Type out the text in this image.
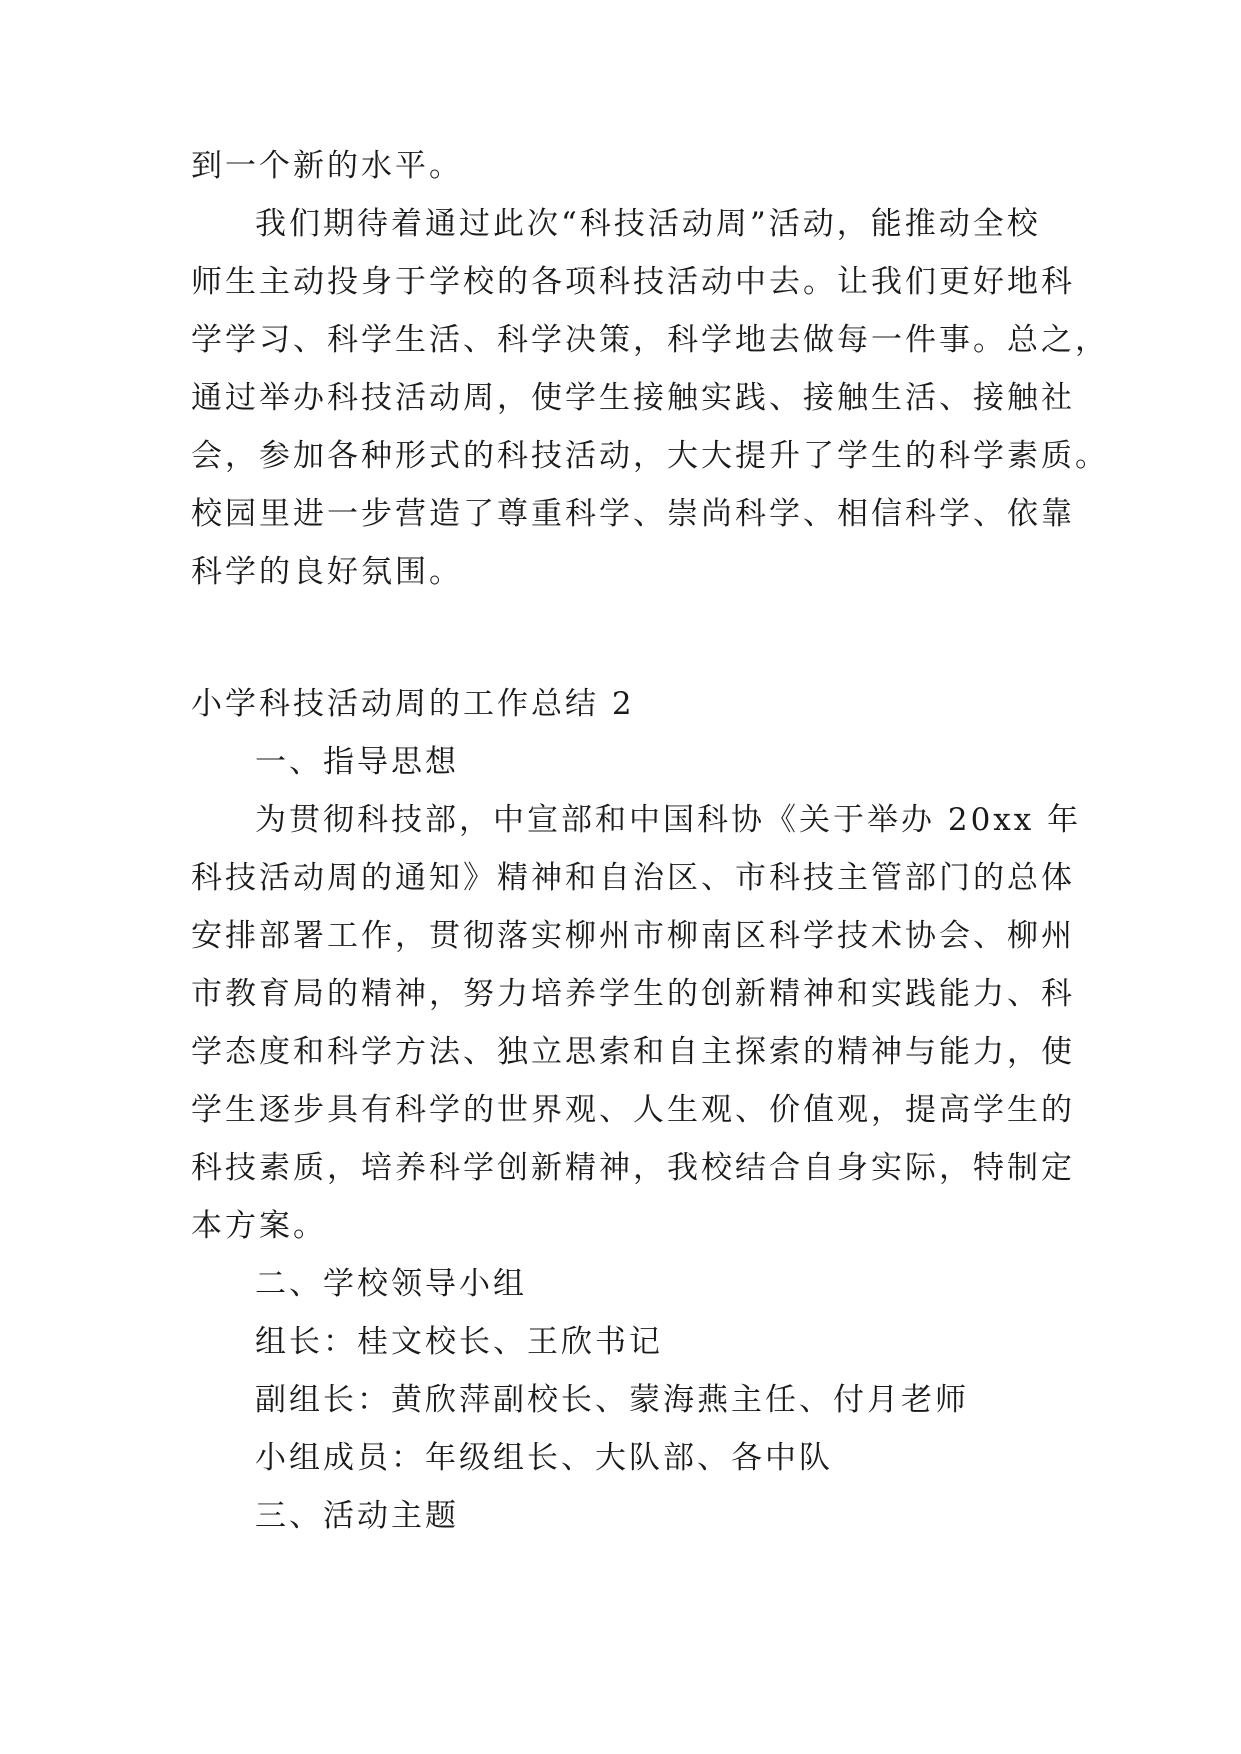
到一个新的水平。
我们期待着通过此次“科技活动周”活动，能推动全校
师生主动投身于学校的各项科技活动中去。让我们更好地科
学学习、科学生活、科学决策，科学地去做每一件事。总之，
通过举办科技活动周，使学生接触实践、接触生活、接触社
会，参加各种形式的科技活动，大大提升了学生的科学素质。
校园里进一步营造了尊重科学、崇尚科学、相信科学、依靠
科学的良好氛围。
小学科技活动周的工作总结 2
一、指导思想
为贯彻科技部，中宣部和中国科协《关于举办 20xx 年
科技活动周的通知》精神和自治区、市科技主管部门的总体
安排部署工作，贯彻落实柳州市柳南区科学技术协会、柳州
市教育局的精神，努力培养学生的创新精神和实践能力、科
学态度和科学方法、独立思索和自主探索的精神与能力，使
学生逐步具有科学的世界观、人生观、价值观，提高学生的
科技素质，培养科学创新精神，我校结合自身实际，特制定
本方案。
二、学校领导小组
组长：桂文校长、王欣书记
副组长：黄欣萍副校长、蒙海燕主任、付月老师
小组成员：年级组长、大队部、各中队
三、活动主题
